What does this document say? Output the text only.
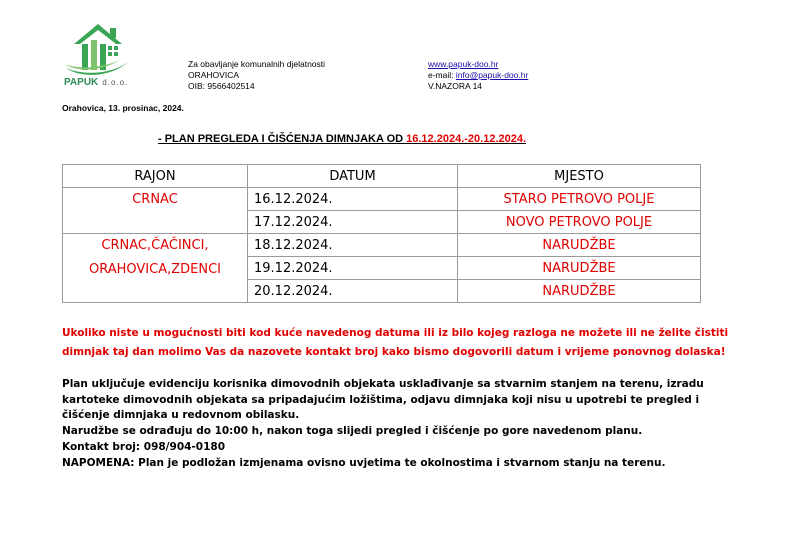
PAPUK d.o.o.
Za obavljanje komunalnih djelatnosti
ORAHOVICA
OIB: 9566402514
www.papuk-doo.hr
e-mail: info@papuk-doo.hr
V.NAZORA 14
Orahovica, 13. prosinac, 2024.
- PLAN PREGLEDA I ČIŠĆENJA DIMNJAKA OD 16.12.2024.-20.12.2024.
RAJON	DATUM	MJESTO
CRNAC	16.12.2024.	STARO PETROVO POLJE
	17.12.2024.	NOVO PETROVO POLJE

CRNAC,ČAČINCI,
ORAHOVICA,ZDENCI	18.12.2024.	NARUDŽBE
	19.12.2024.	NARUDŽBE
	20.12.2024.	NARUDŽBE
Ukoliko niste u mogućnosti biti kod kuće navedenog datuma ili iz bilo kojeg razloga ne možete ili ne želite čistiti dimnjak taj dan molimo Vas da nazovete kontakt broj kako bismo dogovorili datum i vrijeme ponovnog dolaska!

Plan uključuje evidenciju korisnika dimovodnih objekata usklađivanje sa stvarnim stanjem na terenu, izradu kartoteke dimovodnih objekata sa pripadajućim ložištima, odjavu dimnjaka koji nisu u upotrebi te pregled i čišćenje dimnjaka u redovnom obilasku.

Narudžbe se odrađuju do 10:00 h, nakon toga slijedi pregled i čišćenje po gore navedenom planu.

Kontakt broj: 098/904-0180

NAPOMENA: Plan je podložan izmjenama ovisno uvjetima te okolnostima i stvarnom stanju na terenu.
